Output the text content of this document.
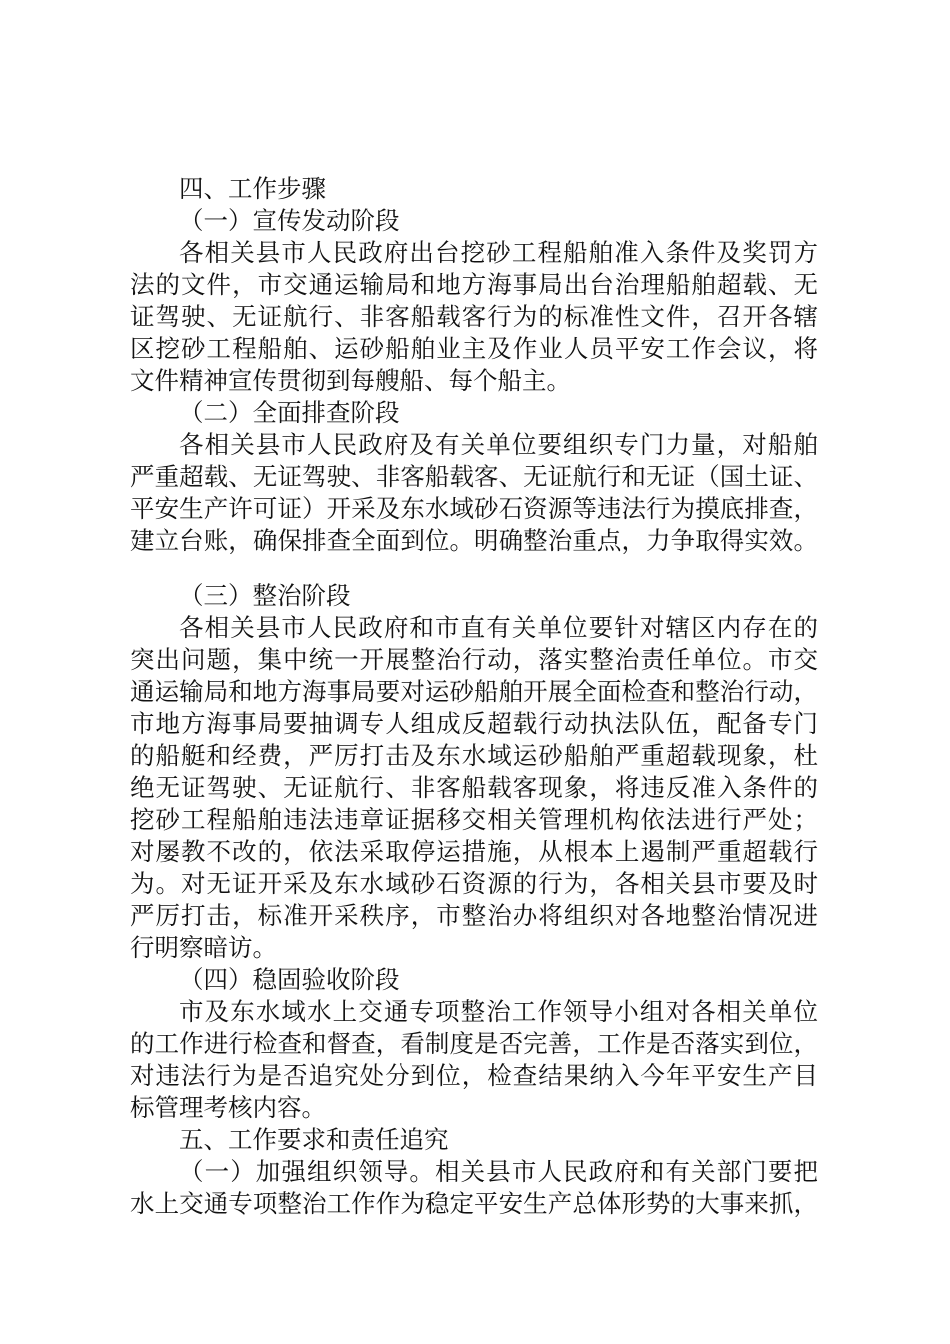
四、工作步骤
（一）宣传发动阶段
各相关县市人民政府出台挖砂工程船舶准入条件及奖罚方
法的文件，市交通运输局和地方海事局出台治理船舶超载、无
证驾驶、无证航行、非客船载客行为的标准性文件，召开各辖
区挖砂工程船舶、运砂船舶业主及作业人员平安工作会议，将
文件精神宣传贯彻到每艘船、每个船主。
（二）全面排查阶段
各相关县市人民政府及有关单位要组织专门力量，对船舶
严重超载、无证驾驶、非客船载客、无证航行和无证（国土证、
平安生产许可证）开采及东水域砂石资源等违法行为摸底排查，
建立台账，确保排查全面到位。明确整治重点，力争取得实效。
（三）整治阶段
各相关县市人民政府和市直有关单位要针对辖区内存在的
突出问题，集中统一开展整治行动，落实整治责任单位。市交
通运输局和地方海事局要对运砂船舶开展全面检查和整治行动，
市地方海事局要抽调专人组成反超载行动执法队伍，配备专门
的船艇和经费，严厉打击及东水域运砂船舶严重超载现象，杜
绝无证驾驶、无证航行、非客船载客现象，将违反准入条件的
挖砂工程船舶违法违章证据移交相关管理机构依法进行严处；
对屡教不改的，依法采取停运措施，从根本上遏制严重超载行
为。对无证开采及东水域砂石资源的行为，各相关县市要及时
严厉打击，标准开采秩序，市整治办将组织对各地整治情况进
行明察暗访。
（四）稳固验收阶段
市及东水域水上交通专项整治工作领导小组对各相关单位
的工作进行检查和督查，看制度是否完善，工作是否落实到位，
对违法行为是否追究处分到位，检查结果纳入今年平安生产目
标管理考核内容。
五、工作要求和责任追究
（一）加强组织领导。相关县市人民政府和有关部门要把
水上交通专项整治工作作为稳定平安生产总体形势的大事来抓，
